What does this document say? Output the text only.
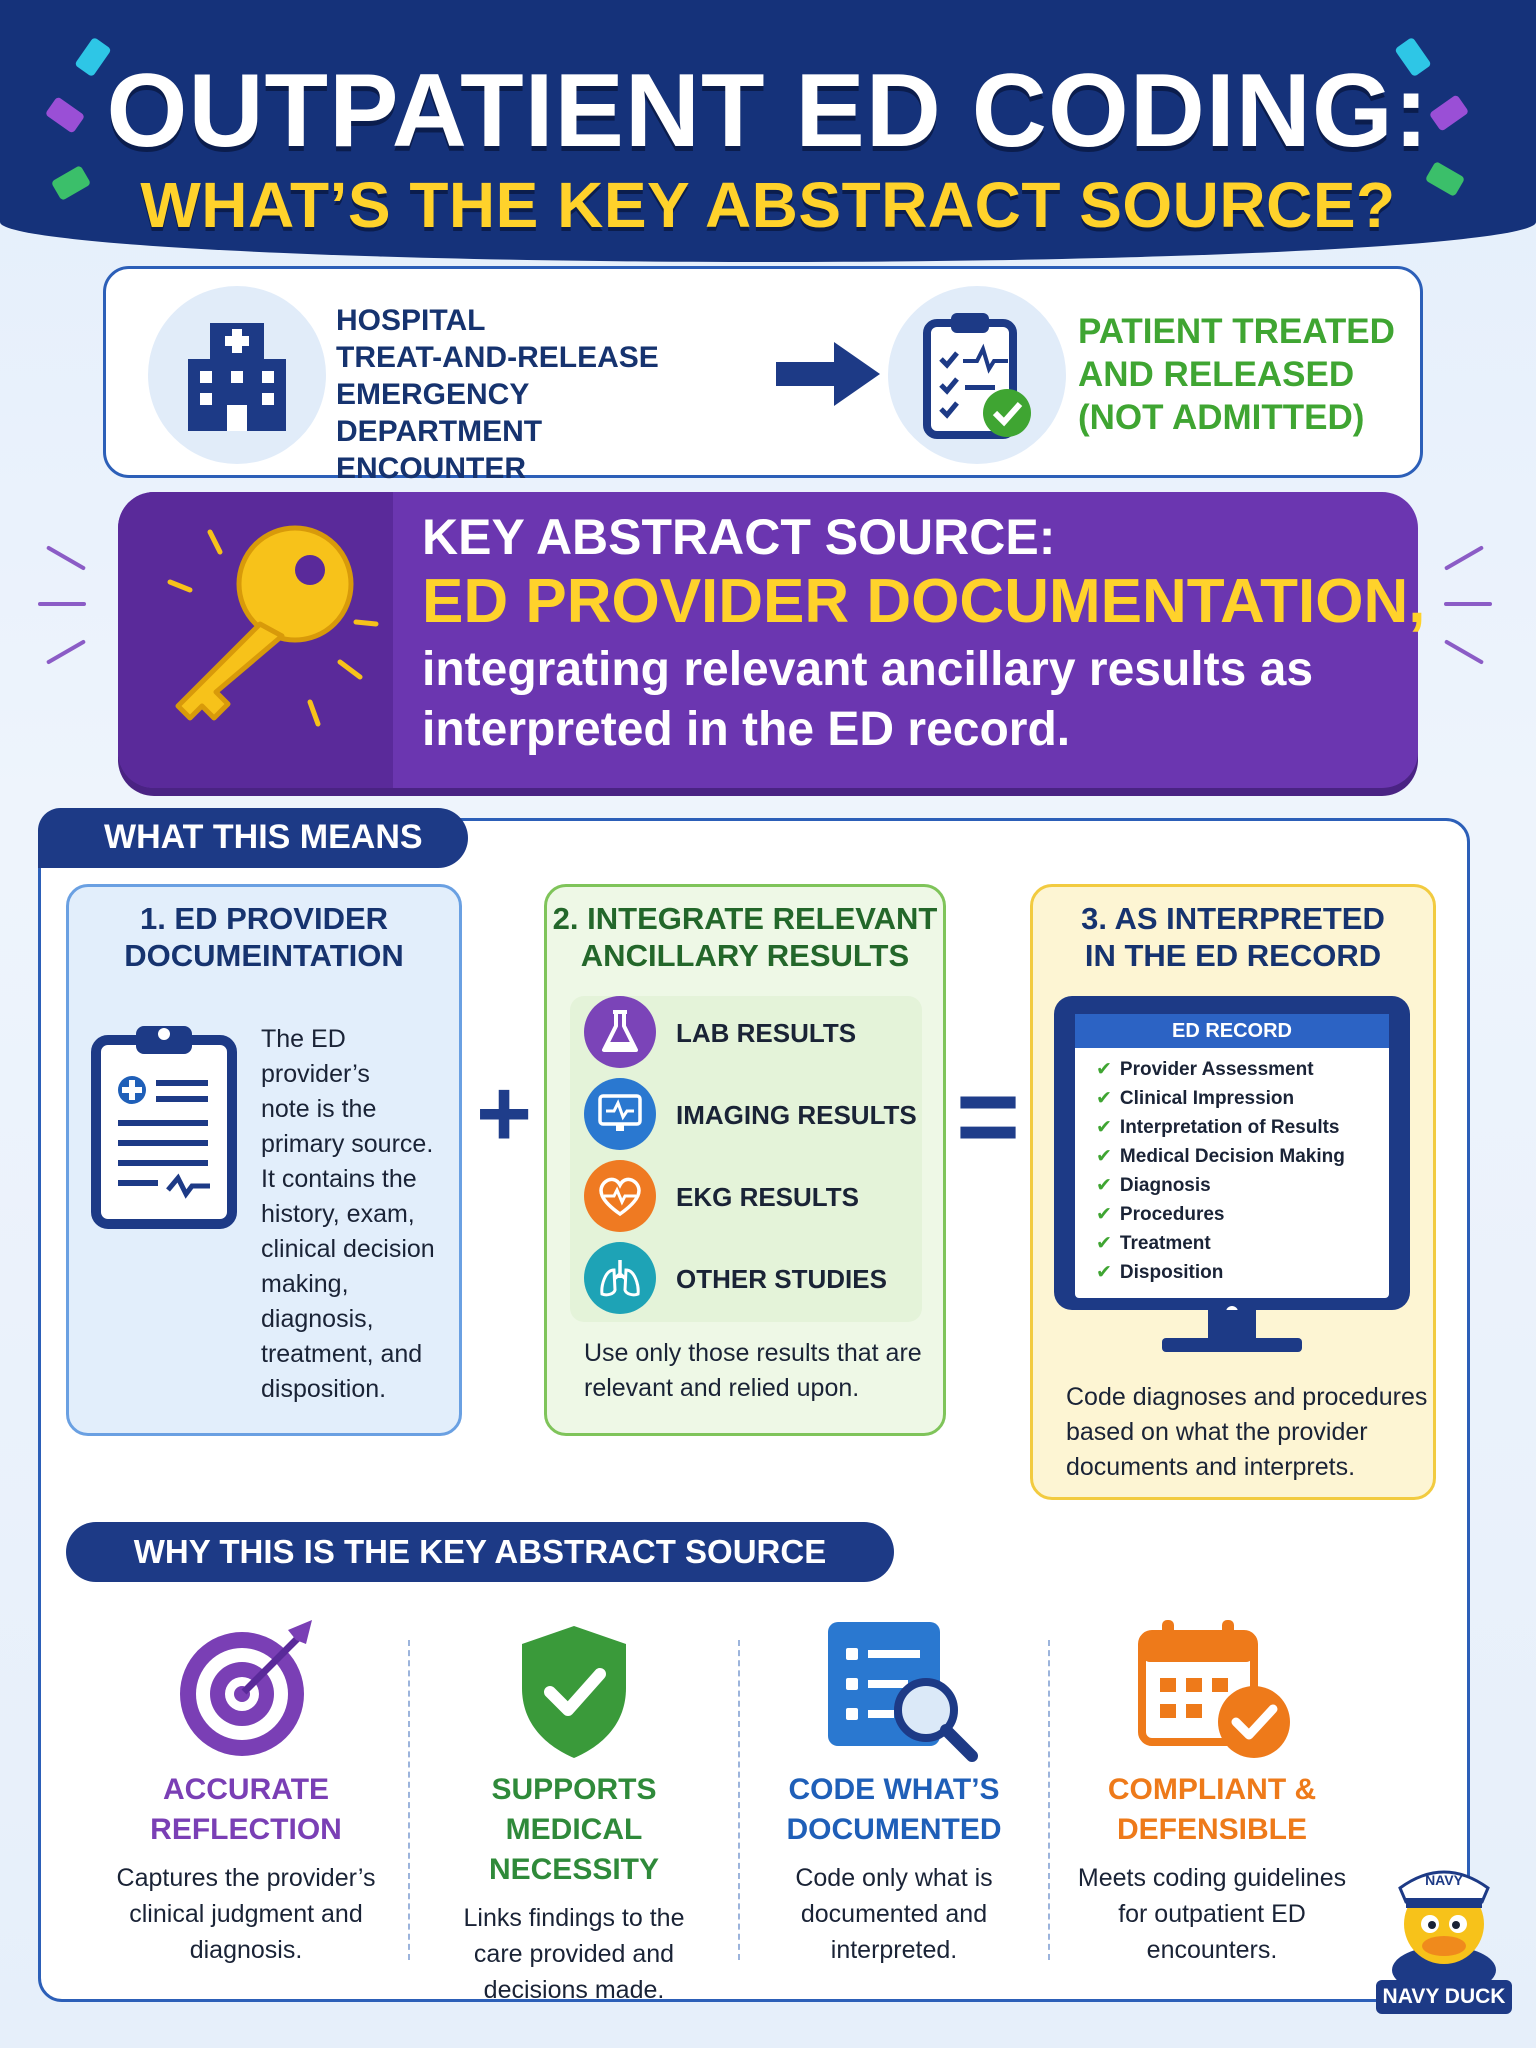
OUTPATIENT ED CODING:
WHAT’S THE KEY ABSTRACT SOURCE?
HOSPITAL
TREAT-AND-RELEASE
EMERGENCY DEPARTMENT
ENCOUNTER
PATIENT TREATED
AND RELEASED
(NOT ADMITTED)
KEY ABSTRACT SOURCE:
ED PROVIDER DOCUMENTATION,
integrating relevant ancillary results as interpreted in the ED record.
WHAT THIS MEANS
1. ED PROVIDER
DOCUMEINTATION
The ED provider’s
note is the
primary source.
It contains the
history, exam,
clinical decision
making, diagnosis,
treatment, and
disposition.
+
2. INTEGRATE RELEVANT
ANCILLARY RESULTS
LAB RESULTS
IMAGING RESULTS
EKG RESULTS
OTHER STUDIES
Use only those results that are
relevant and relied upon.
=
3. AS INTERPRETED
IN THE ED RECORD
ED RECORD
✔ Provider Assessment
✔ Clinical Impression
✔ Interpretation of Results
✔ Medical Decision Making
✔ Diagnosis
✔ Procedures
✔ Treatment
✔ Disposition
Code diagnoses and procedures
based on what the provider
documents and interprets.
WHY THIS IS THE KEY ABSTRACT SOURCE
ACCURATE
REFLECTION
Captures the provider’s
clinical judgment and
diagnosis.
SUPPORTS
MEDICAL NECESSITY
Links findings to the
care provided and
decisions made.
CODE WHAT’S
DOCUMENTED
Code only what is
documented and
interpreted.
COMPLIANT &
DEFENSIBLE
Meets coding guidelines
for outpatient ED
encounters.
NAVY
NAVY DUCK
